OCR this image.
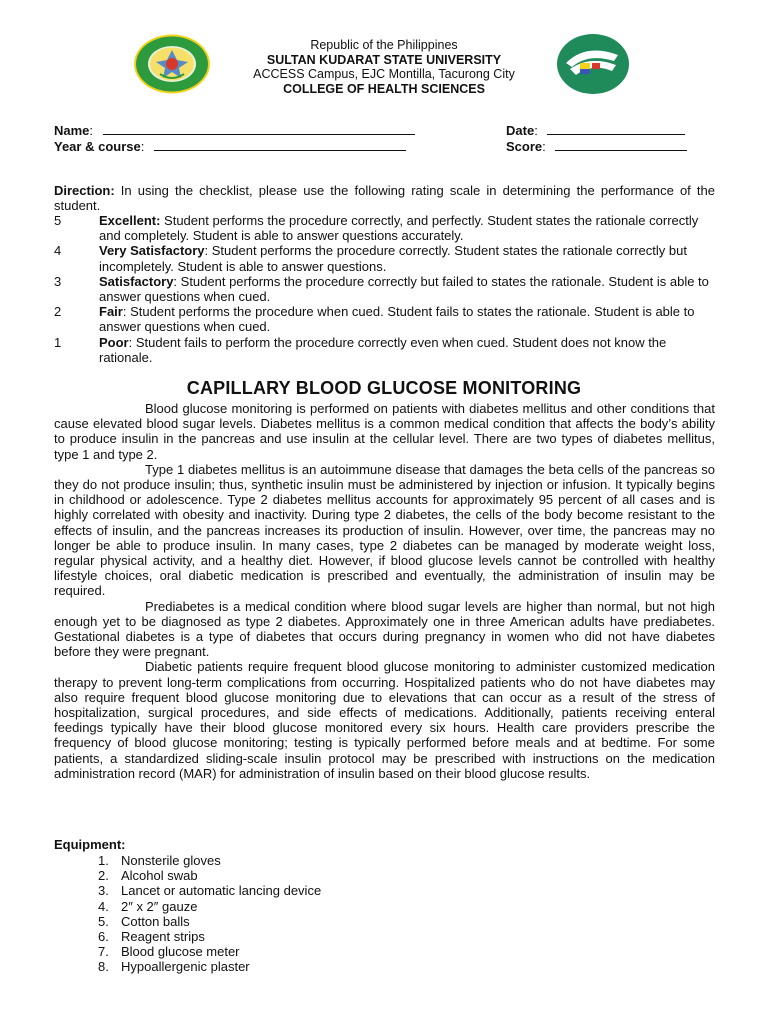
Republic of the Philippines
SULTAN KUDARAT STATE UNIVERSITY
ACCESS Campus, EJC Montilla, Tacurong City
COLLEGE OF HEALTH SCIENCES
Name:	Date:
Year & course:	Score:
Direction: In using the checklist, please use the following rating scale in determining the performance of the student.
5	Excellent: Student performs the procedure correctly, and perfectly. Student states the rationale correctly and completely. Student is able to answer questions accurately.
4	Very Satisfactory: Student performs the procedure correctly. Student states the rationale correctly but incompletely. Student is able to answer questions.
3	Satisfactory: Student performs the procedure correctly but failed to states the rationale. Student is able to answer questions when cued.
2	Fair: Student performs the procedure when cued. Student fails to states the rationale. Student is able to answer questions when cued.
1	Poor: Student fails to perform the procedure correctly even when cued. Student does not know the rationale.
CAPILLARY BLOOD GLUCOSE MONITORING

Blood glucose monitoring is performed on patients with diabetes mellitus and other conditions that cause elevated blood sugar levels. Diabetes mellitus is a common medical condition that affects the body’s ability to produce insulin in the pancreas and use insulin at the cellular level. There are two types of diabetes mellitus, type 1 and type 2.

Type 1 diabetes mellitus is an autoimmune disease that damages the beta cells of the pancreas so they do not produce insulin; thus, synthetic insulin must be administered by injection or infusion. It typically begins in childhood or adolescence. Type 2 diabetes mellitus accounts for approximately 95 percent of all cases and is highly correlated with obesity and inactivity. During type 2 diabetes, the cells of the body become resistant to the effects of insulin, and the pancreas increases its production of insulin. However, over time, the pancreas may no longer be able to produce insulin. In many cases, type 2 diabetes can be managed by moderate weight loss, regular physical activity, and a healthy diet. However, if blood glucose levels cannot be controlled with healthy lifestyle choices, oral diabetic medication is prescribed and eventually, the administration of insulin may be required.

Prediabetes is a medical condition where blood sugar levels are higher than normal, but not high enough yet to be diagnosed as type 2 diabetes. Approximately one in three American adults have prediabetes. Gestational diabetes is a type of diabetes that occurs during pregnancy in women who did not have diabetes before they were pregnant.

Diabetic patients require frequent blood glucose monitoring to administer customized medication therapy to prevent long-term complications from occurring. Hospitalized patients who do not have diabetes may also require frequent blood glucose monitoring due to elevations that can occur as a result of the stress of hospitalization, surgical procedures, and side effects of medications. Additionally, patients receiving enteral feedings typically have their blood glucose monitored every six hours. Health care providers prescribe the frequency of blood glucose monitoring; testing is typically performed before meals and at bedtime. For some patients, a standardized sliding-scale insulin protocol may be prescribed with instructions on the medication administration record (MAR) for administration of insulin based on their blood glucose results.

Equipment:
1. Nonsterile gloves
2. Alcohol swab
3. Lancet or automatic lancing device
4. 2″ x 2″ gauze
5. Cotton balls
6. Reagent strips
7. Blood glucose meter
8. Hypoallergenic plaster
